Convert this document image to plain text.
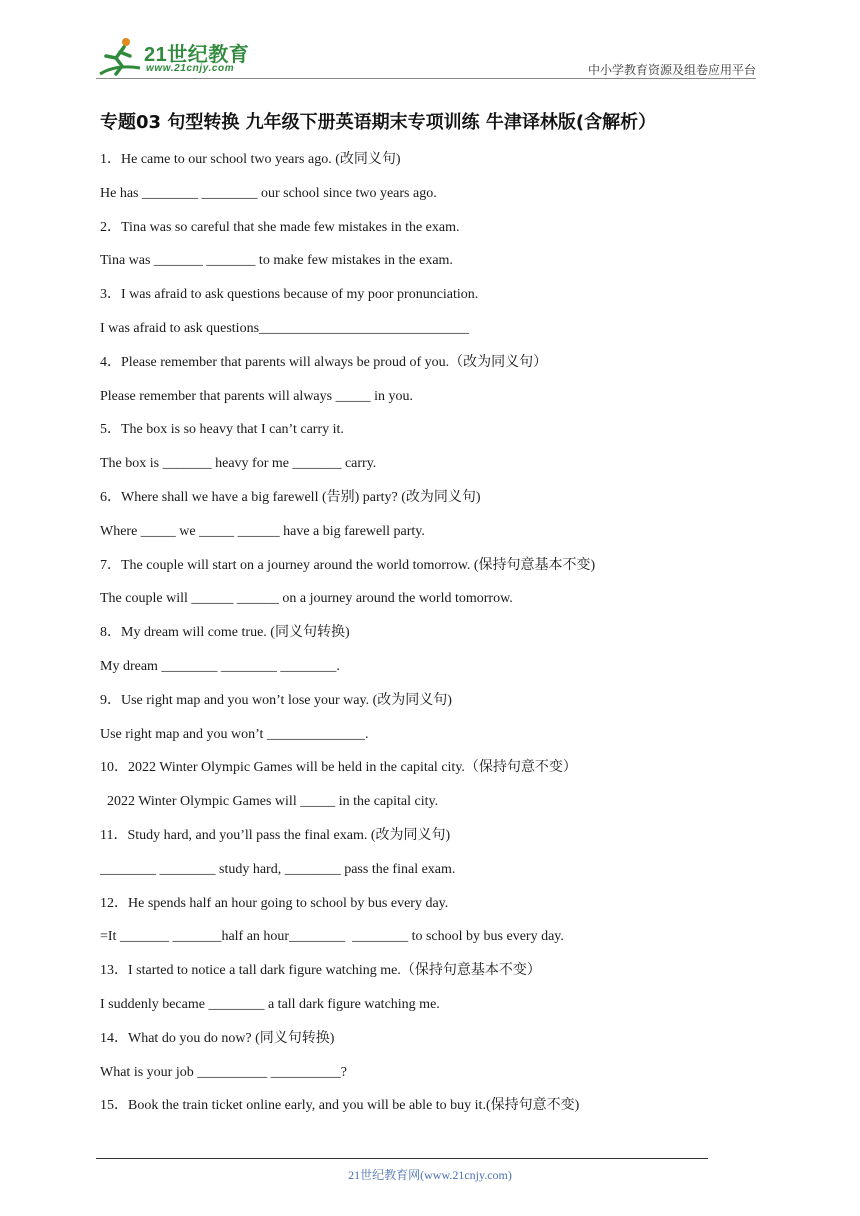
21世纪教育
www.21cnjy.com	中小学教育资源及组卷应用平台
专题03 句型转换 九年级下册英语期末专项训练 牛津译林版(含解析）
1．He came to our school two years ago. (改同义句)
He has ________ ________ our school since two years ago.
2．Tina was so careful that she made few mistakes in the exam.
Tina was _______ _______ to make few mistakes in the exam.
3．I was afraid to ask questions because of my poor pronunciation.
I was afraid to ask questions______________________________
4．Please remember that parents will always be proud of you.（改为同义句）
Please remember that parents will always _____ in you.
5．The box is so heavy that I can’t carry it.
The box is _______ heavy for me _______ carry.
6．Where shall we have a big farewell (告别) party? (改为同义句)
Where _____ we _____ ______ have a big farewell party.
7．The couple will start on a journey around the world tomorrow. (保持句意基本不变)
The couple will ______ ______ on a journey around the world tomorrow.
8．My dream will come true. (同义句转换)
My dream ________ ________ ________.
9．Use right map and you won’t lose your way. (改为同义句)
Use right map and you won’t ______________.
10．2022 Winter Olympic Games will be held in the capital city.（保持句意不变）
2022 Winter Olympic Games will _____ in the capital city.
11．Study hard, and you’ll pass the final exam. (改为同义句)
________ ________ study hard, ________ pass the final exam.
12．He spends half an hour going to school by bus every day.
=It _______ _______half an hour________  ________ to school by bus every day.
13．I started to notice a tall dark figure watching me.（保持句意基本不变）
I suddenly became ________ a tall dark figure watching me.
14．What do you do now? (同义句转换)
What is your job __________ __________?
15．Book the train ticket online early, and you will be able to buy it.(保持句意不变)
21世纪教育网(www.21cnjy.com)
